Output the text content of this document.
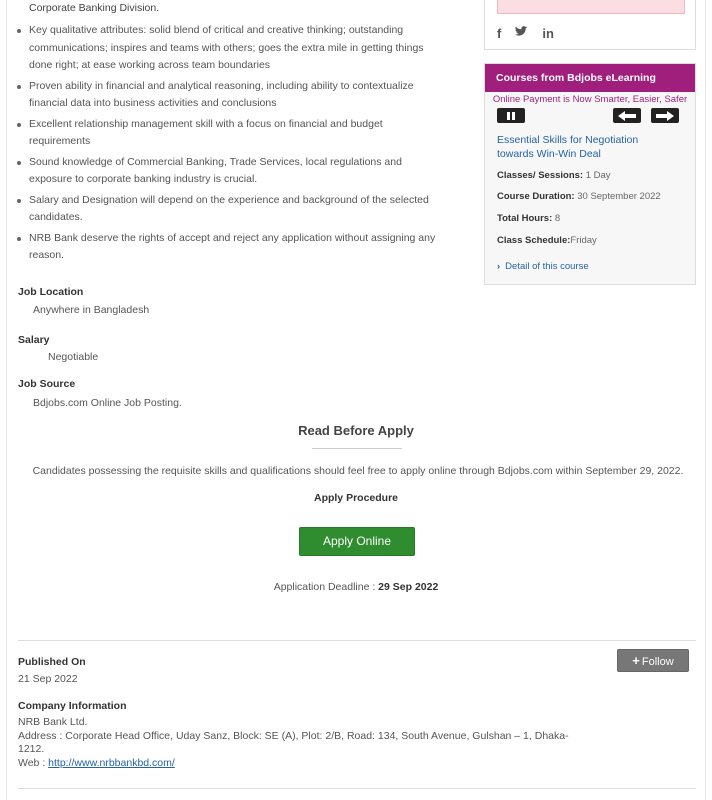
Corporate Banking Division.
Key qualitative attributes: solid blend of critical and creative thinking; outstanding communications; inspires and teams with others; goes the extra mile in getting things done right; at ease working across team boundaries
Proven ability in financial and analytical reasoning, including ability to contextualize financial data into business activities and conclusions
Excellent relationship management skill with a focus on financial and budget requirements
Sound knowledge of Commercial Banking, Trade Services, local regulations and exposure to corporate banking industry is crucial.
Salary and Designation will depend on the experience and background of the selected candidates.
NRB Bank deserve the rights of accept and reject any application without assigning any reason.
Job Location
Anywhere in Bangladesh
Salary
Negotiable
Job Source
Bdjobs.com Online Job Posting.
Read Before Apply
Candidates possessing the requisite skills and qualifications should feel free to apply online through Bdjobs.com within September 29, 2022.
Apply Procedure
Apply Online
Application Deadline : 29 Sep 2022
Published On
21 Sep 2022
+ Follow
Company Information
NRB Bank Ltd.
Address : Corporate Head Office, Uday Sanz, Block: SE (A), Plot: 2/B, Road: 134, South Avenue, Gulshan – 1, Dhaka-1212.
Web : http://www.nrbbankbd.com/
f	in
Courses from Bdjobs eLearning
Online Payment is Now Smarter, Easier, Safer
Essential Skills for Negotiation towards Win-Win Deal
Classes/ Sessions: 1 Day
Course Duration: 30 September 2022
Total Hours: 8
Class Schedule:Friday
› Detail of this course
